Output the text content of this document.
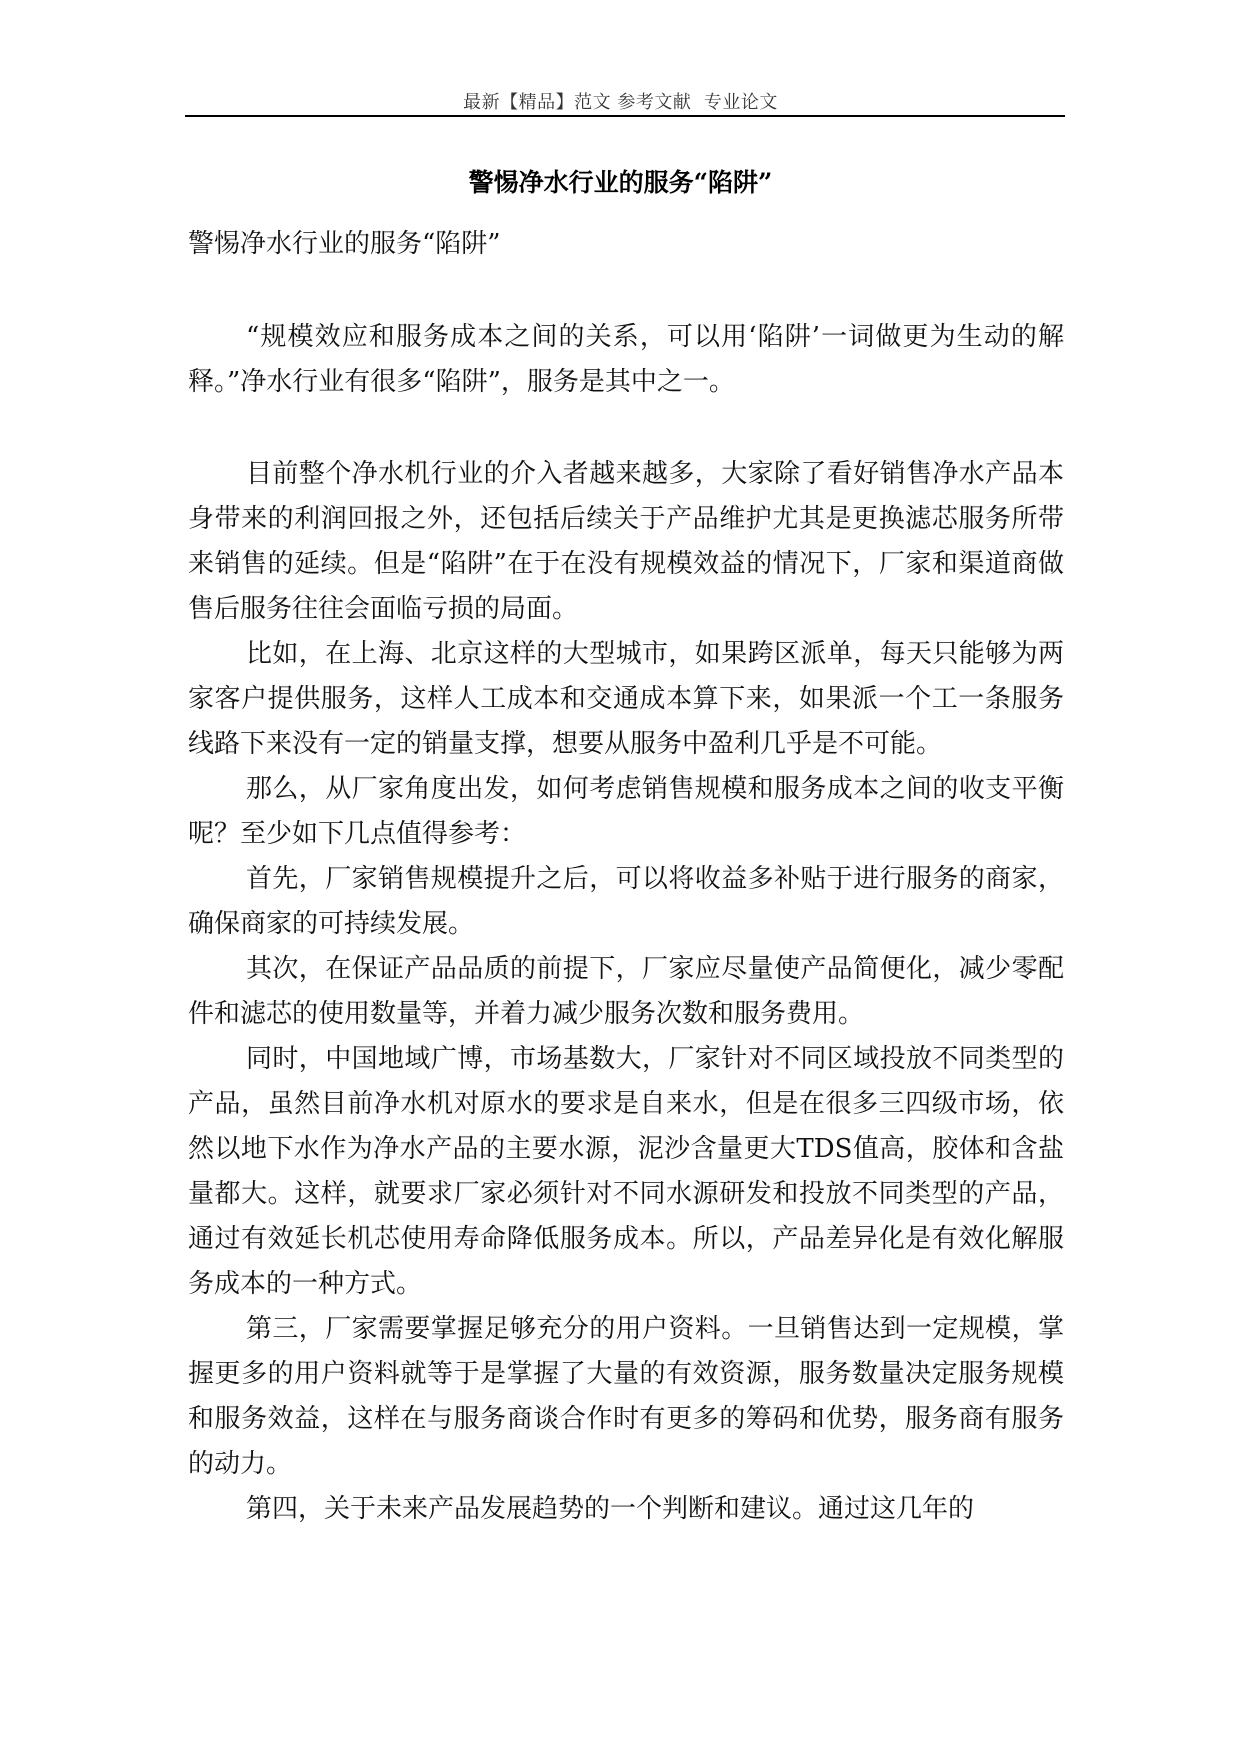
最新【精品】范文 参考文献  专业论文
警惕净水行业的服务“陷阱”

警惕净水行业的服务“陷阱”

“规模效应和服务成本之间的关系，可以用‘陷阱’一词做更为生动的解释。”净水行业有很多“陷阱”，服务是其中之一。

目前整个净水机行业的介入者越来越多，大家除了看好销售净水产品本身带来的利润回报之外，还包括后续关于产品维护尤其是更换滤芯服务所带来销售的延续。但是“陷阱”在于在没有规模效益的情况下，厂家和渠道商做售后服务往往会面临亏损的局面。

比如，在上海、北京这样的大型城市，如果跨区派单，每天只能够为两家客户提供服务，这样人工成本和交通成本算下来，如果派一个工一条服务线路下来没有一定的销量支撑，想要从服务中盈利几乎是不可能。

那么，从厂家角度出发，如何考虑销售规模和服务成本之间的收支平衡呢？至少如下几点值得参考：

首先，厂家销售规模提升之后，可以将收益多补贴于进行服务的商家，确保商家的可持续发展。

其次，在保证产品品质的前提下，厂家应尽量使产品简便化，减少零配件和滤芯的使用数量等，并着力减少服务次数和服务费用。

同时，中国地域广博，市场基数大，厂家针对不同区域投放不同类型的产品，虽然目前净水机对原水的要求是自来水，但是在很多三四级市场，依然以地下水作为净水产品的主要水源，泥沙含量更大TDS值高，胶体和含盐量都大。这样，就要求厂家必须针对不同水源研发和投放不同类型的产品，通过有效延长机芯使用寿命降低服务成本。所以，产品差异化是有效化解服务成本的一种方式。

第三，厂家需要掌握足够充分的用户资料。一旦销售达到一定规模，掌握更多的用户资料就等于是掌握了大量的有效资源，服务数量决定服务规模和服务效益，这样在与服务商谈合作时有更多的筹码和优势，服务商有服务的动力。

第四，关于未来产品发展趋势的一个判断和建议。通过这几年的
